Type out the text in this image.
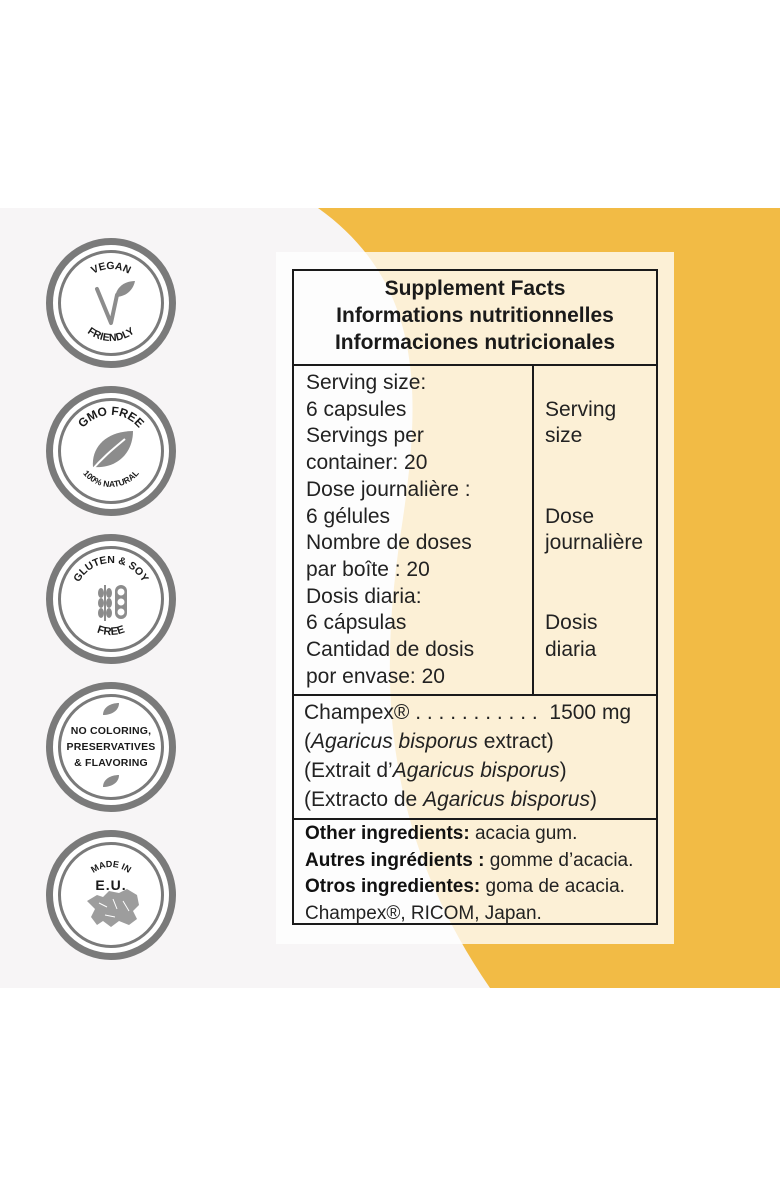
VEGAN
FRIENDLY
GMO FREE
100% NATURAL
GLUTEN & SOY
FREE
NO COLORING,
PRESERVATIVES
& FLAVORING
MADE IN
E.U.
Supplement Facts
Informations nutritionnelles
Informaciones nutricionales
Serving size:
6 capsules
Servings per
container: 20
Dose journalière :
6 gélules
Nombre de doses
par boîte : 20
Dosis diaria:
6 cápsulas
Cantidad de dosis
por envase: 20
Serving
size
Dose
journalière
Dosis
diaria
Champex® . . . . . . . . . . . 1500 mg
(Agaricus bisporus extract)
(Extrait d’Agaricus bisporus)
(Extracto de Agaricus bisporus)
Other ingredients: acacia gum.
Autres ingrédients : gomme d’acacia.
Otros ingredientes: goma de acacia.
Champex®, RICOM, Japan.
